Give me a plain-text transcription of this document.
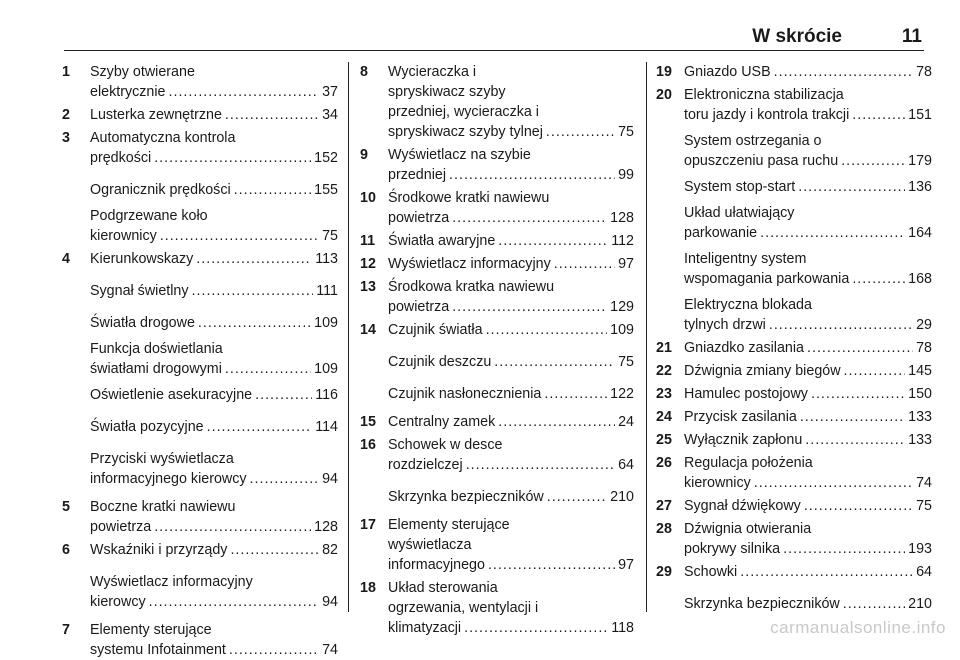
W skrócie	11
1	Szyby otwierane
elektrycznie .....	37
2	Lusterka zewnętrzne .....	34
3	Automatyczna kontrola
prędkości .....	152
Ogranicznik prędkości .....	155
Podgrzewane koło
kierownicy .....	75
4	Kierunkowskazy .....	113
Sygnał świetlny .....	111
Światła drogowe .....	109
Funkcja doświetlania
światłami drogowymi .....	109
Oświetlenie asekuracyjne .....	116
Światła pozycyjne .....	114
Przyciski wyświetlacza
informacyjnego kierowcy .....	94
5	Boczne kratki nawiewu
powietrza .....	128
6	Wskaźniki i przyrządy .....	82
Wyświetlacz informacyjny
kierowcy .....	94
7	Elementy sterujące
systemu Infotainment .....	74
8	Wycieraczka i
spryskiwacz szyby
przedniej, wycieraczka i
spryskiwacz szyby tylnej .....	75
9	Wyświetlacz na szybie
przedniej .....	99
10 Środkowe kratki nawiewu
powietrza .....	128
11 Światła awaryjne .....	112
12 Wyświetlacz informacyjny .....	97
13 Środkowa kratka nawiewu
powietrza .....	129
14 Czujnik światła .....	109
Czujnik deszczu .....	75
Czujnik nasłonecznienia .....	122
15 Centralny zamek .....	24
16 Schowek w desce
rozdzielczej .....	64
Skrzynka bezpieczników .....	210
17 Elementy sterujące
wyświetlacza
informacyjnego .....	97
18 Układ sterowania
ogrzewania, wentylacji i
klimatyzacji .....	118
19 Gniazdo USB .....	78
20 Elektroniczna stabilizacja
toru jazdy i kontrola trakcji .....	151
System ostrzegania o
opuszczeniu pasa ruchu .....	179
System stop-start .....	136
Układ ułatwiający
parkowanie .....	164
Inteligentny system
wspomagania parkowania .....	168
Elektryczna blokada
tylnych drzwi .....	29
21 Gniazdko zasilania .....	78
22 Dźwignia zmiany biegów .....	145
23 Hamulec postojowy .....	150
24 Przycisk zasilania .....	133
25 Wyłącznik zapłonu .....	133
26 Regulacja położenia
kierownicy .....	74
27 Sygnał dźwiękowy .....	75
28 Dźwignia otwierania
pokrywy silnika .....	193
29 Schowki .....	64
Skrzynka bezpieczników .....	210
carmanualsonline.info
